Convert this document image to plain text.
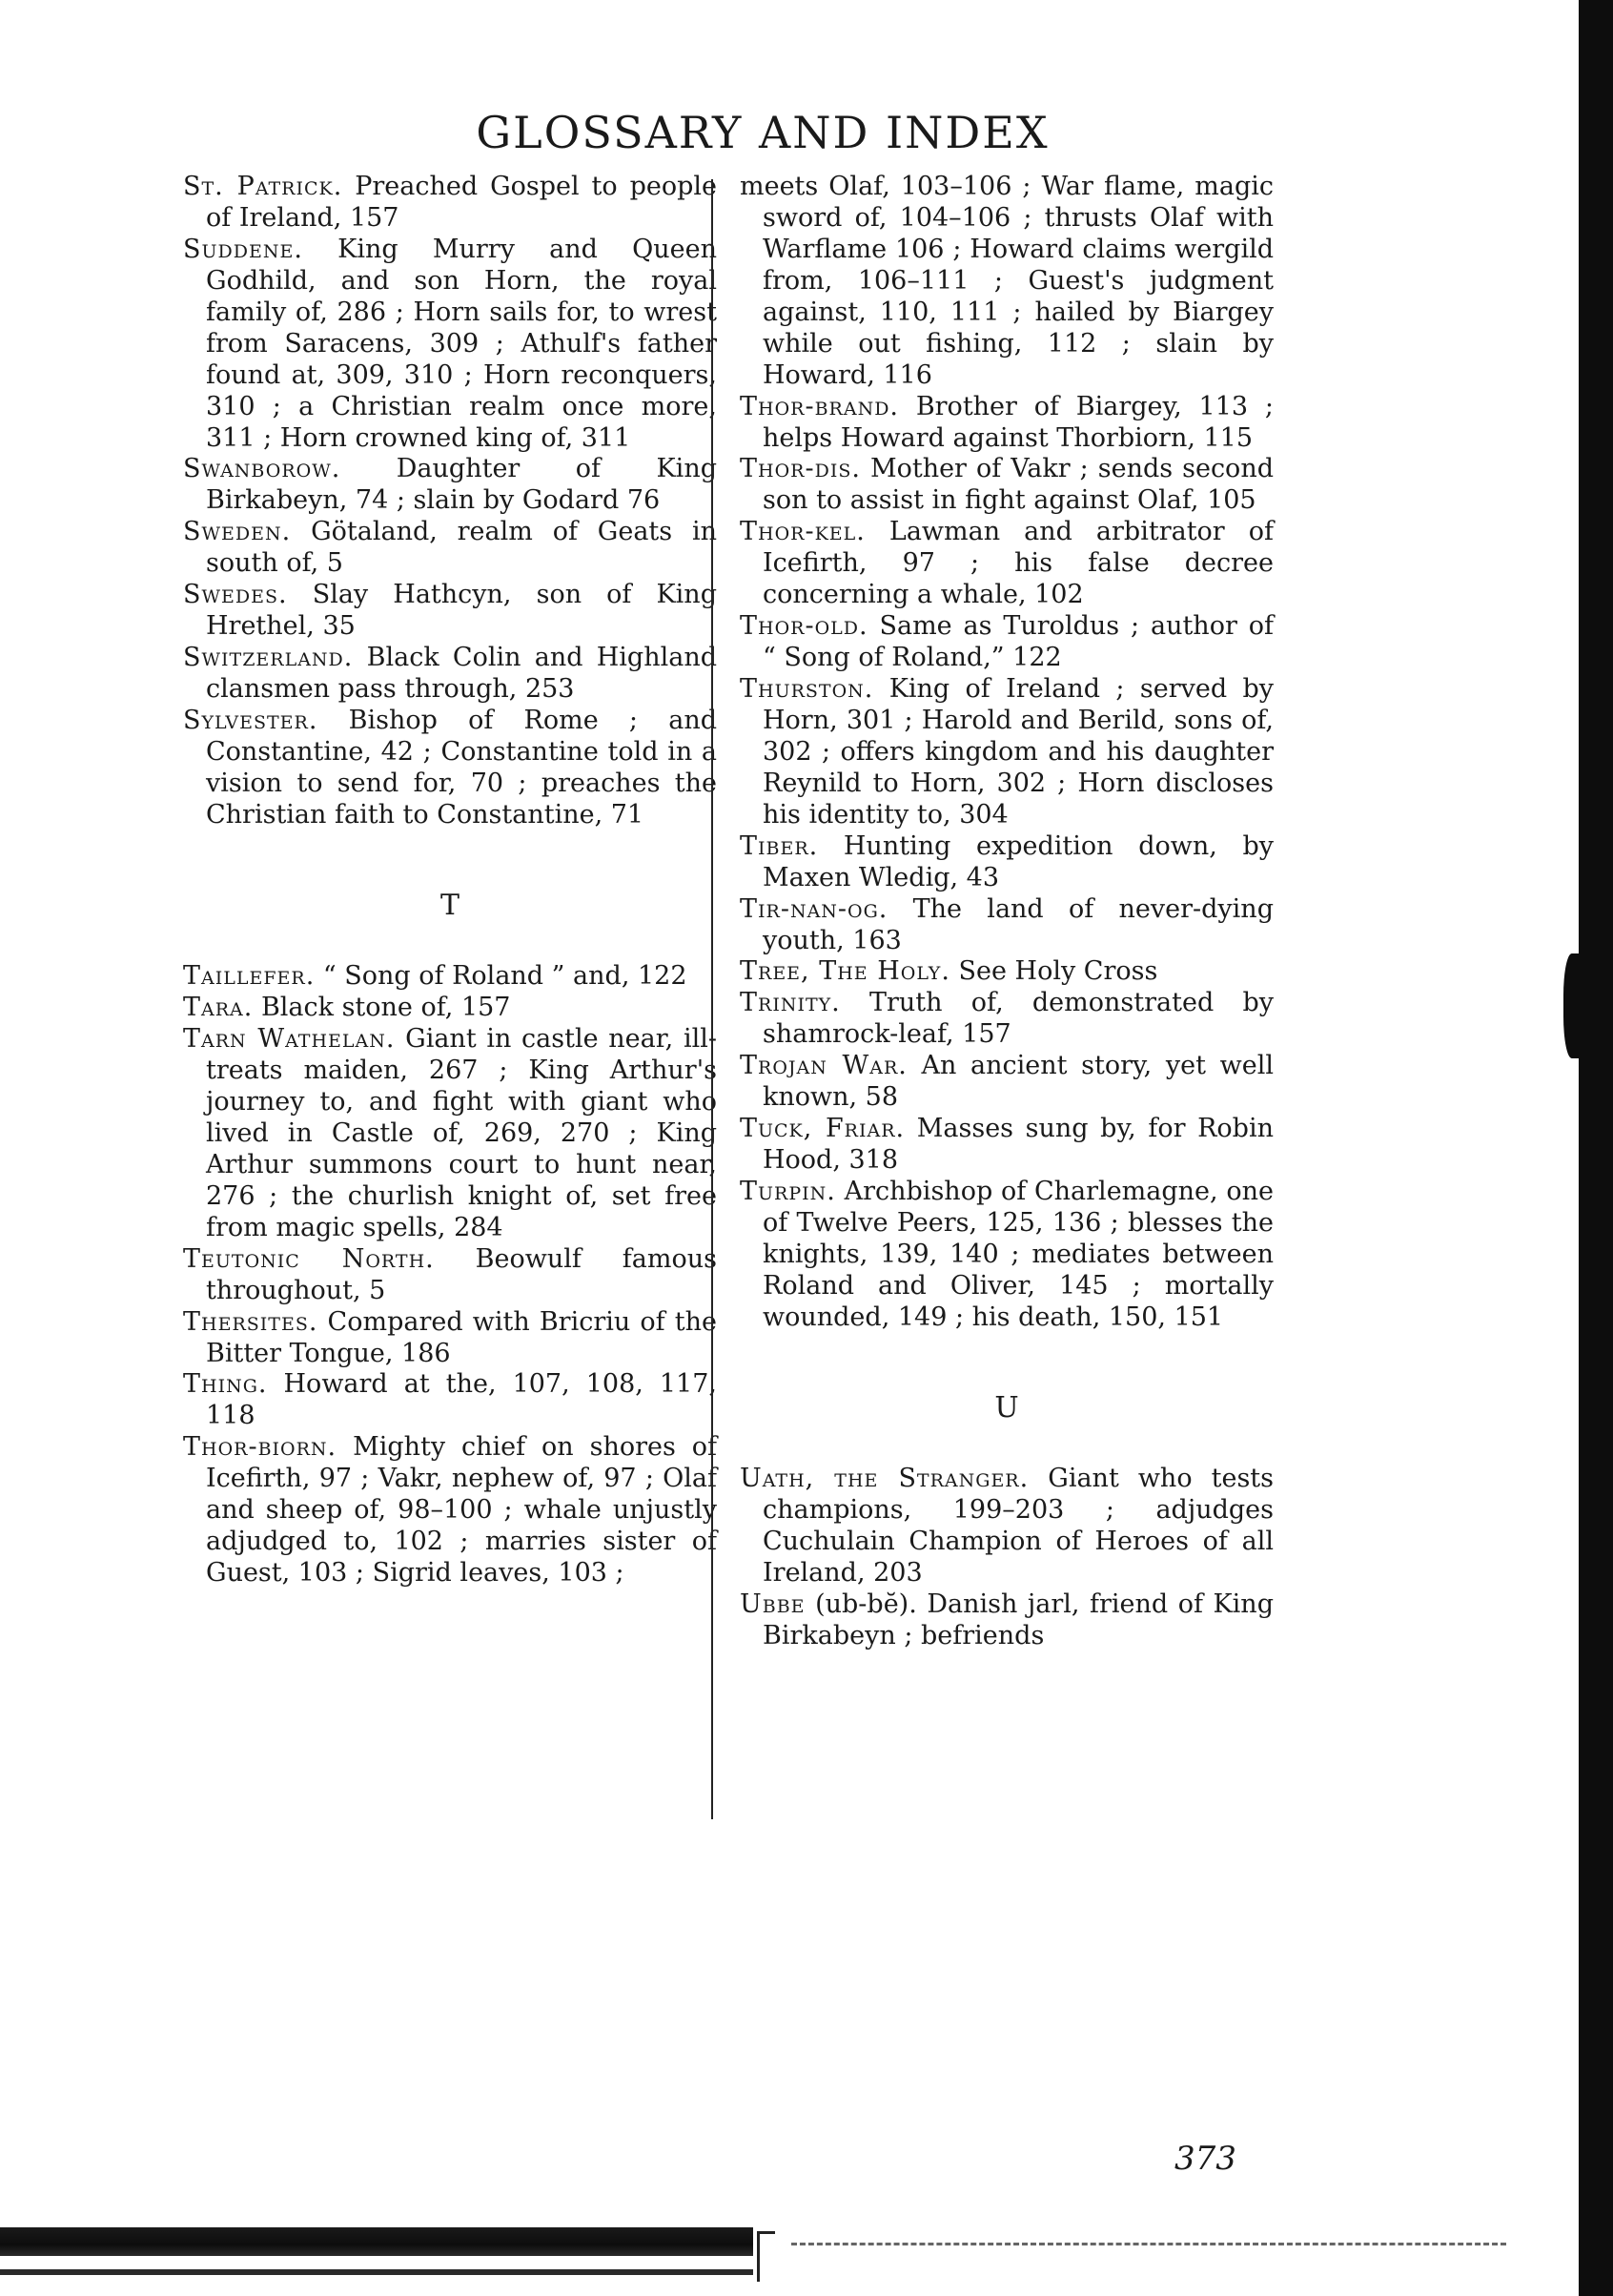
GLOSSARY AND INDEX

St. Patrick. Preached Gospel to people of Ireland, 157

Suddene. King Murry and Queen Godhild, and son Horn, the royal family of, 286 ; Horn sails for, to wrest from Saracens, 309 ; Athulf's father found at, 309, 310 ; Horn reconquers, 310 ; a Christian realm once more, 311 ; Horn crowned king of, 311

Swanborow. Daughter of King Birkabeyn, 74 ; slain by Godard 76

Sweden. Götaland, realm of Geats in south of, 5

Swedes. Slay Hathcyn, son of King Hrethel, 35

Switzerland. Black Colin and Highland clansmen pass through, 253

Sylvester. Bishop of Rome ; and Constantine, 42 ; Constantine told in a vision to send for, 70 ; preaches the Christian faith to Constantine, 71

T

Taillefer. “ Song of Roland ” and, 122

Tara. Black stone of, 157

Tarn Wathelan. Giant in castle near, ill-treats maiden, 267 ; King Arthur's journey to, and fight with giant who lived in Castle of, 269, 270 ; King Arthur summons court to hunt near, 276 ; the churlish knight of, set free from magic spells, 284

Teutonic North. Beowulf famous throughout, 5

Thersites. Compared with Bricriu of the Bitter Tongue, 186

Thing. Howard at the, 107, 108, 117, 118

Thor-biorn. Mighty chief on shores of Icefirth, 97 ; Vakr, nephew of, 97 ; Olaf and sheep of, 98–100 ; whale unjustly adjudged to, 102 ; marries sister of Guest, 103 ; Sigrid leaves, 103 ;

meets Olaf, 103–106 ; War flame, magic sword of, 104–106 ; thrusts Olaf with Warflame 106 ; Howard claims wergild from, 106–111 ; Guest's judgment against, 110, 111 ; hailed by Biargey while out fishing, 112 ; slain by Howard, 116

Thor-brand. Brother of Biargey, 113 ; helps Howard against Thorbiorn, 115

Thor-dis. Mother of Vakr ; sends second son to assist in fight against Olaf, 105

Thor-kel. Lawman and arbitrator of Icefirth, 97 ; his false decree concerning a whale, 102

Thor-old. Same as Turoldus ; author of “ Song of Roland,” 122

Thurston. King of Ireland ; served by Horn, 301 ; Harold and Berild, sons of, 302 ; offers kingdom and his daughter Reynild to Horn, 302 ; Horn discloses his identity to, 304

Tiber. Hunting expedition down, by Maxen Wledig, 43

Tir-nan-og. The land of never-dying youth, 163

Tree, The Holy. See Holy Cross

Trinity. Truth of, demonstrated by shamrock-leaf, 157

Trojan War. An ancient story, yet well known, 58

Tuck, Friar. Masses sung by, for Robin Hood, 318

Turpin. Archbishop of Charlemagne, one of Twelve Peers, 125, 136 ; blesses the knights, 139, 140 ; mediates between Roland and Oliver, 145 ; mortally wounded, 149 ; his death, 150, 151

U

Uath, the Stranger. Giant who tests champions, 199–203 ; adjudges Cuchulain Champion of Heroes of all Ireland, 203

Ubbe (ub-bĕ). Danish jarl, friend of King Birkabeyn ; befriends

373
